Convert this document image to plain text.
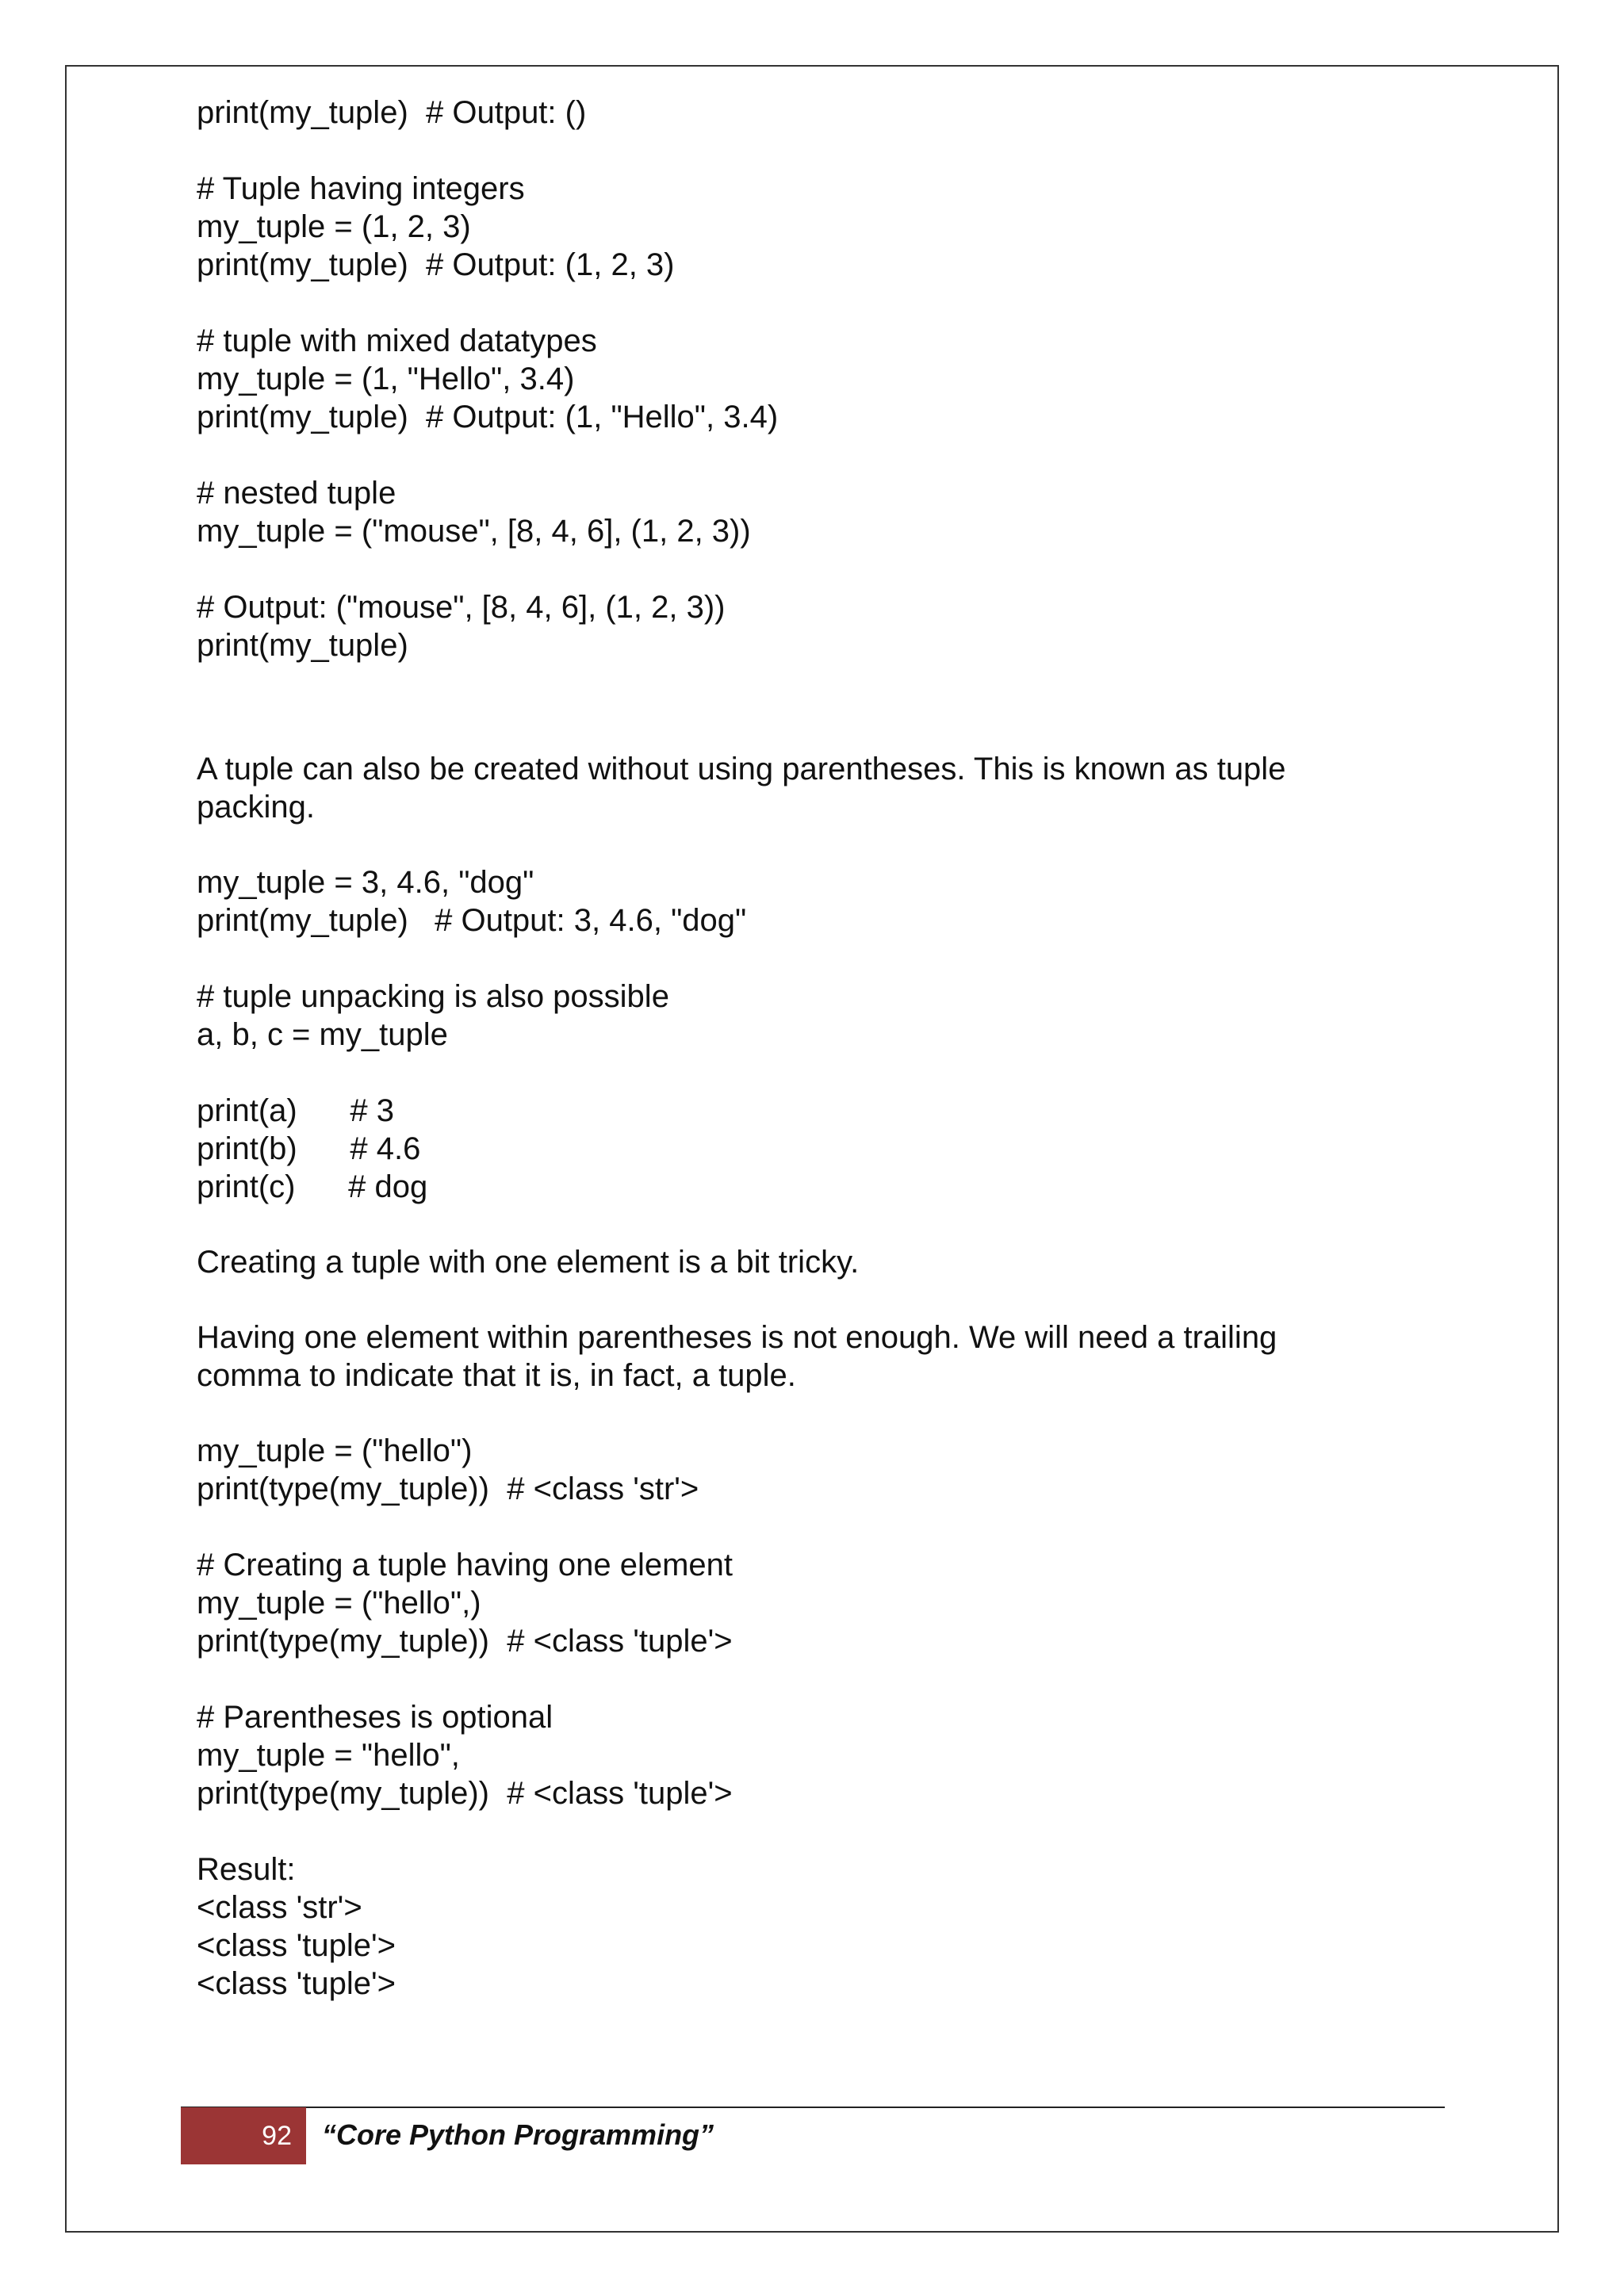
print(my_tuple)  # Output: ()
# Tuple having integers
my_tuple = (1, 2, 3)
print(my_tuple)  # Output: (1, 2, 3)
# tuple with mixed datatypes
my_tuple = (1, "Hello", 3.4)
print(my_tuple)  # Output: (1, "Hello", 3.4)
# nested tuple
my_tuple = ("mouse", [8, 4, 6], (1, 2, 3))
# Output: ("mouse", [8, 4, 6], (1, 2, 3))
print(my_tuple)
A tuple can also be created without using parentheses. This is known as tuple packing.
my_tuple = 3, 4.6, "dog"
print(my_tuple)   # Output: 3, 4.6, "dog"
# tuple unpacking is also possible
a, b, c = my_tuple
print(a)      # 3
print(b)      # 4.6
print(c)      # dog
Creating a tuple with one element is a bit tricky.
Having one element within parentheses is not enough. We will need a trailing comma to indicate that it is, in fact, a tuple.
my_tuple = ("hello")
print(type(my_tuple))  # <class 'str'>
# Creating a tuple having one element
my_tuple = ("hello",)
print(type(my_tuple))  # <class 'tuple'>
# Parentheses is optional
my_tuple = "hello",
print(type(my_tuple))  # <class 'tuple'>
Result:
<class 'str'>
<class 'tuple'>
<class 'tuple'>
92 “Core Python Programming”
